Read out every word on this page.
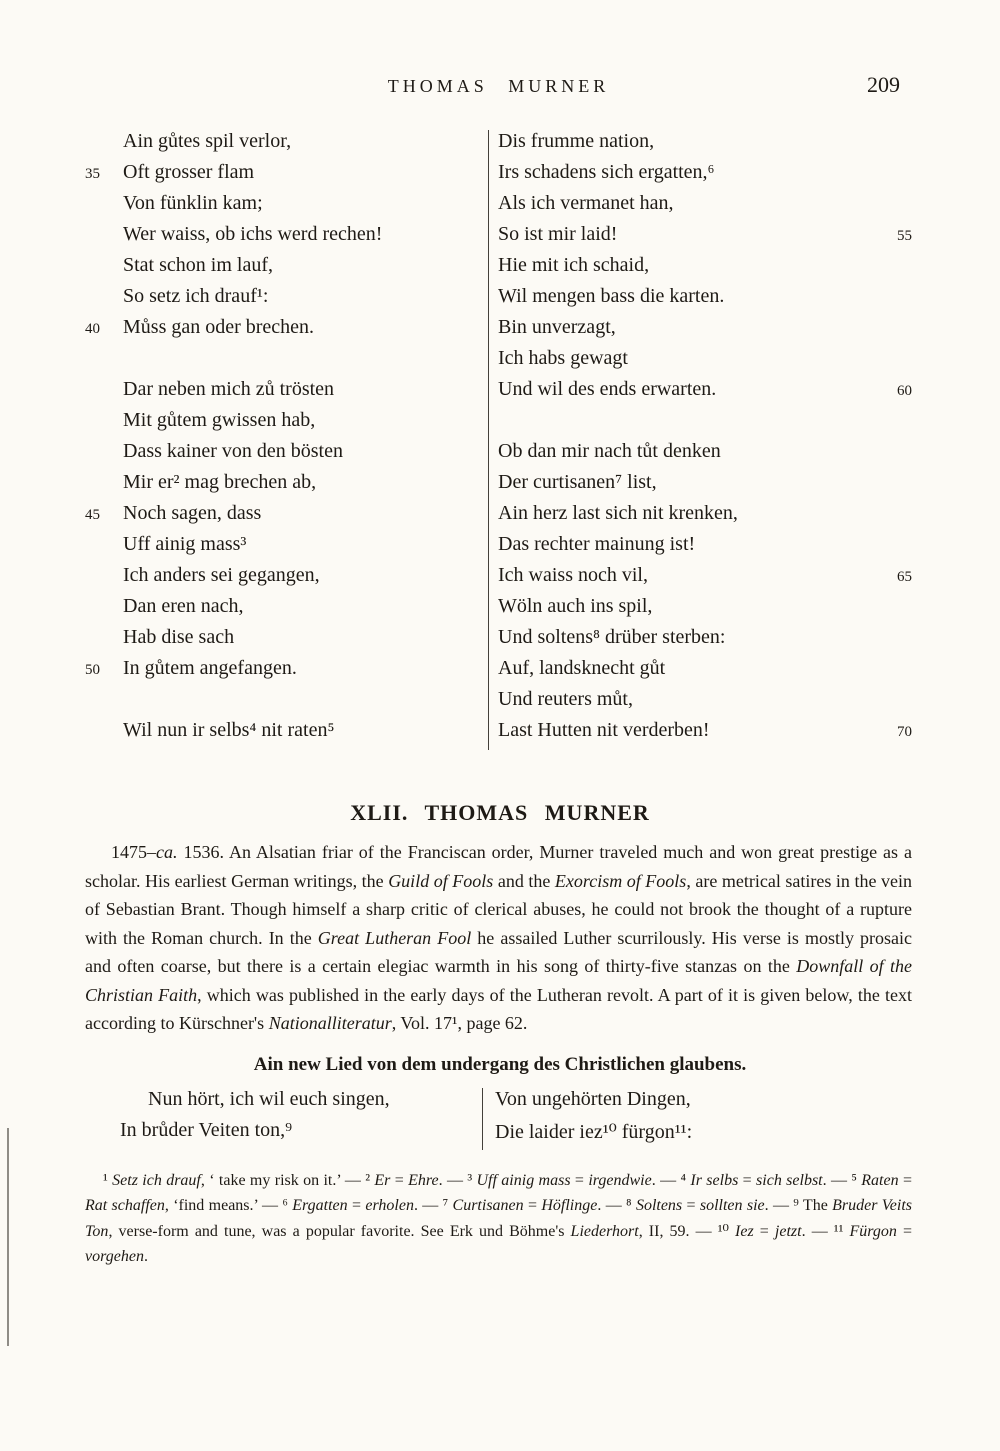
THOMAS MURNER	209
Ain gůtes spil verlor,
35	Oft grosser flam
Von fünklin kam;
Wer waiss, ob ichs werd rechen!
Stat schon im lauf,
So setz ich drauf¹:
40	Můss gan oder brechen.
Dar neben mich zů trösten
Mit gůtem gwissen hab,
Dass kainer von den bösten
Mir er² mag brechen ab,
45	Noch sagen, dass
Uff ainig mass³
Ich anders sei gegangen,
Dan eren nach,
Hab dise sach
50	In gůtem angefangen.
Wil nun ir selbs⁴ nit raten⁵
Dis frumme nation,
Irs schadens sich ergatten,⁶
Als ich vermanet han,
So ist mir laid!	55
Hie mit ich schaid,
Wil mengen bass die karten.
Bin unverzagt,
Ich habs gewagt
Und wil des ends erwarten.	60
Ob dan mir nach tůt denken
Der curtisanen⁷ list,
Ain herz last sich nit krenken,
Das rechter mainung ist!
Ich waiss noch vil,	65
Wöln auch ins spil,
Und soltens⁸ drüber sterben:
Auf, landsknecht gůt
Und reuters můt,
Last Hutten nit verderben!	70
XLII. THOMAS MURNER
1475–ca. 1536. An Alsatian friar of the Franciscan order, Murner traveled much and won great prestige as a scholar. His earliest German writings, the Guild of Fools and the Exorcism of Fools, are metrical satires in the vein of Sebastian Brant. Though himself a sharp critic of clerical abuses, he could not brook the thought of a rupture with the Roman church. In the Great Lutheran Fool he assailed Luther scurrilously. His verse is mostly prosaic and often coarse, but there is a certain elegiac warmth in his song of thirty-five stanzas on the Downfall of the Christian Faith, which was published in the early days of the Lutheran revolt. A part of it is given below, the text according to Kürschner's Nationalliteratur, Vol. 17¹, page 62.
Ain new Lied von dem undergang des Christlichen glaubens.
Nun hört, ich wil euch singen,
In brůder Veiten ton,⁹
Von ungehörten Dingen,
Die laider iez¹⁰ fürgon¹¹:
¹ Setz ich drauf, ‘ take my risk on it.’ — ² Er = Ehre. — ³ Uff ainig mass = irgendwie. — ⁴ Ir selbs = sich selbst. — ⁵ Raten = Rat schaffen, ‘find means.’ — ⁶ Ergatten = erholen. — ⁷ Curtisanen = Höflinge. — ⁸ Soltens = sollten sie. — ⁹ The Bruder Veits Ton, verse-form and tune, was a popular favorite. See Erk und Böhme's Liederhort, II, 59. — ¹⁰ Iez = jetzt. — ¹¹ Fürgon = vorgehen.
